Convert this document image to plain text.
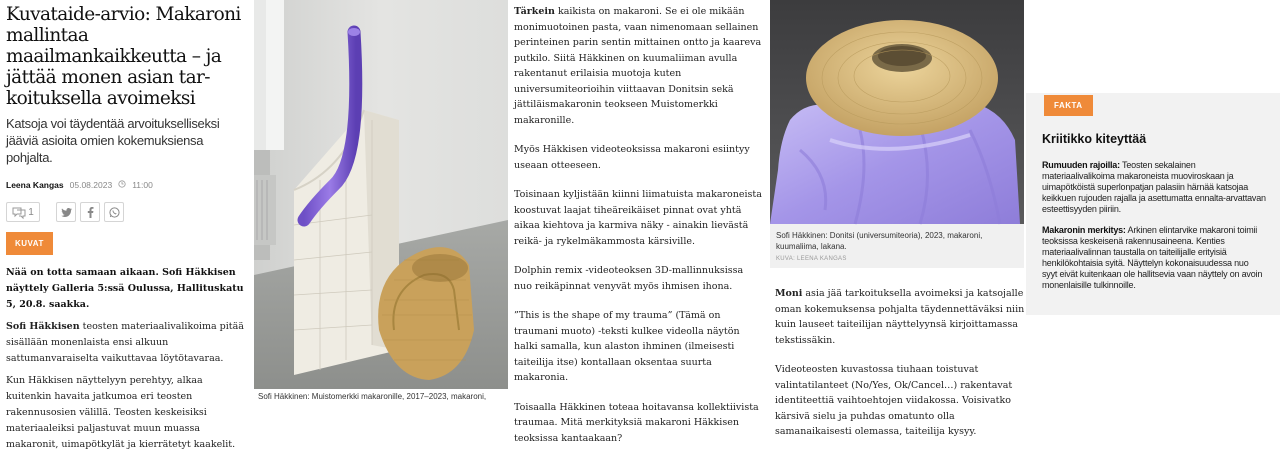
Kuvataide-arvio: Makaroni mallintaa maailmankaikkeutta – ja jättää monen asian tarkoituksella avoimeksi

Katsoja voi täydentää arvoitukselliseksi jääviä asioita omien kokemuksiensa pohjalta.

Leena Kangas 05.08.2023 11:00
1
KUVAT

Nää on totta samaan aikaan. Sofi Häkkisen näyttely Galleria 5:ssä Oulussa, Hallituskatu 5, 20.8. saakka.

Sofi Häkkisen teosten materiaalivalikoima pitää sisällään monenlaista ensi alkuun sattumanvaraiselta vaikuttavaa löytötavaraa.

Kun Häkkisen näyttelyyn perehtyy, alkaa kuitenkin havaita jatkumoa eri teosten rakennusosien välillä. Teosten keskeisiksi materiaaleiksi paljastuvat muun muassa makaronit, uimapötkylät ja kierrätetyt kaakelit.

Sofi Häkkinen: Muistomerkki makaronille, 2017–2023, makaroni,

Tärkein kaikista on makaroni. Se ei ole mikään monimuotoinen pasta, vaan nimenomaan sellainen perinteinen parin sentin mittainen ontto ja kaareva putkilo. Siitä Häkkinen on kuumaliiman avulla rakentanut erilaisia muotoja kuten universumiteorioihin viittaavan Donitsin sekä jättiläismakaronin teokseen Muistomerkki makaronille.

Myös Häkkisen videoteoksissa makaroni esiintyy useaan otteeseen.

Toisinaan kyljistään kiinni liimatuista makaroneista koostuvat laajat tiheäreikäiset pinnat ovat yhtä aikaa kiehtova ja karmiva näky - ainakin lievästä reikä- ja rykelmäkammosta kärsiville.

Dolphin remix -videoteoksen 3D-mallinnuksissa nuo reikäpinnat venyvät myös ihmisen ihona.

”This is the shape of my trauma” (Tämä on traumani muoto) -teksti kulkee videolla näytön halki samalla, kun alaston ihminen (ilmeisesti taiteilija itse) kontallaan oksentaa suurta makaronia.

Toisaalla Häkkinen toteaa hoitavansa kollektiivista traumaa. Mitä merkityksiä makaroni Häkkisen teoksissa kantaakaan?

Sofi Häkkinen: Donitsi (universumiteoria), 2023, makaroni, kuumaliima, lakana.
KUVA: LEENA KANGAS

Moni asia jää tarkoituksella avoimeksi ja katsojalle oman kokemuksensa pohjalta täydennettäväksi niin kuin lauseet taiteilijan näyttelyynsä kirjoittamassa tekstissäkin.

Videoteosten kuvastossa tiuhaan toistuvat valintatilanteet (No/Yes, Ok/Cancel…) rakentavat identiteettiä vaihtoehtojen viidakossa. Voisivatko kärsivä sielu ja puhdas omatunto olla samanaikaisesti olemassa, taiteilija kysyy.

FAKTA
Kriitikko kiteyttää

Rumuuden rajoilla: Teosten sekalainen materiaalivalikoima makaroneista muoviroskaan ja uimapötköistä superlonpatjan palasiin härnää katsojaa keikkuen rujouden rajalla ja asettumatta ennalta-arvattavan esteettisyyden piiriin.

Makaronin merkitys: Arkinen elintarvike makaroni toimii teoksissa keskeisenä rakennusaineena. Kenties materiaalivalinnan taustalla on taiteilijalle erityisiä henkilökohtaisia syitä. Näyttelyn kokonaisuudessa nuo syyt eivät kuitenkaan ole hallitsevia vaan näyttely on avoin monenlaisille tulkinnoille.
